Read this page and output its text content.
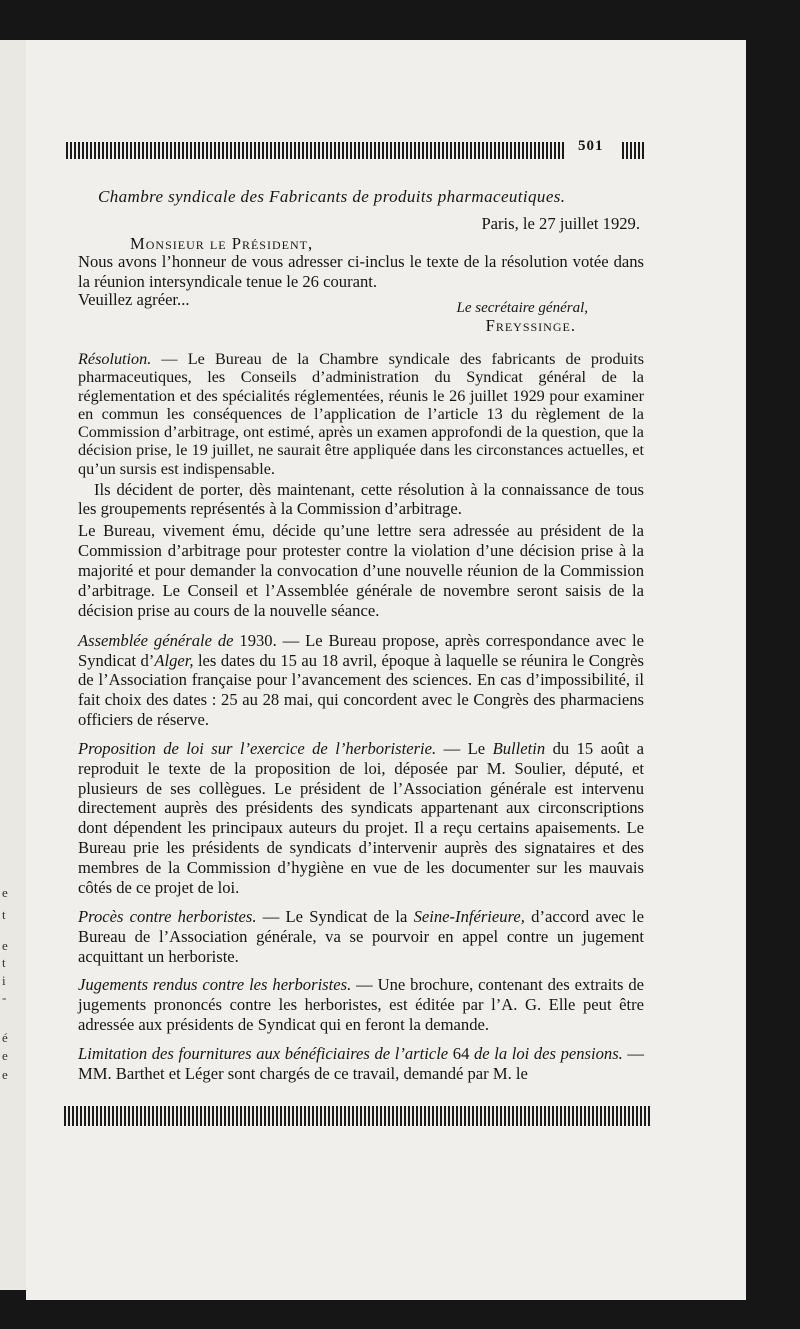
e
t
e
t
i
-
é
e
e
501
Chambre syndicale des Fabricants de produits pharmaceutiques.
Paris, le 27 juillet 1929.
Monsieur le Président,

Nous avons l’honneur de vous adresser ci-inclus le texte de la résolution votée dans la réunion intersyndicale tenue le 26 courant.

Veuillez agréer...	Le secrétaire général,
Freyssinge.

Résolution. — Le Bureau de la Chambre syndicale des fabricants de produits pharmaceutiques, les Conseils d’administration du Syndicat général de la réglementation et des spécialités réglementées, réunis le 26 juillet 1929 pour examiner en commun les conséquences de l’application de l’article 13 du règlement de la Commission d’arbitrage, ont estimé, après un examen approfondi de la question, que la décision prise, le 19 juillet, ne saurait être appliquée dans les circonstances actuelles, et qu’un sursis est indispensable.

Ils décident de porter, dès maintenant, cette résolution à la connaissance de tous les groupements représentés à la Commission d’arbitrage.

Le Bureau, vivement ému, décide qu’une lettre sera adressée au président de la Commission d’arbitrage pour protester contre la violation d’une décision prise à la majorité et pour demander la convocation d’une nouvelle réunion de la Commission d’arbitrage. Le Conseil et l’Assemblée générale de novembre seront saisis de la décision prise au cours de la nouvelle séance.

Assemblée générale de 1930. — Le Bureau propose, après correspondance avec le Syndicat d’Alger, les dates du 15 au 18 avril, époque à laquelle se réunira le Congrès de l’Association française pour l’avancement des sciences. En cas d’impossibilité, il fait choix des dates : 25 au 28 mai, qui concordent avec le Congrès des pharmaciens officiers de réserve.

Proposition de loi sur l’exercice de l’herboristerie. — Le Bulletin du 15 août a reproduit le texte de la proposition de loi, déposée par M. Soulier, député, et plusieurs de ses collègues. Le président de l’Association générale est intervenu directement auprès des présidents des syndicats appartenant aux circonscriptions dont dépendent les principaux auteurs du projet. Il a reçu certains apaisements. Le Bureau prie les présidents de syndicats d’intervenir auprès des signataires et des membres de la Commission d’hygiène en vue de les documenter sur les mauvais côtés de ce projet de loi.

Procès contre herboristes. — Le Syndicat de la Seine-Inférieure, d’accord avec le Bureau de l’Association générale, va se pourvoir en appel contre un jugement acquittant un herboriste.

Jugements rendus contre les herboristes. — Une brochure, contenant des extraits de jugements prononcés contre les herboristes, est éditée par l’A. G. Elle peut être adressée aux présidents de Syndicat qui en feront la demande.

Limitation des fournitures aux bénéficiaires de l’article 64 de la loi des pensions. — MM. Barthet et Léger sont chargés de ce travail, demandé par M. le
